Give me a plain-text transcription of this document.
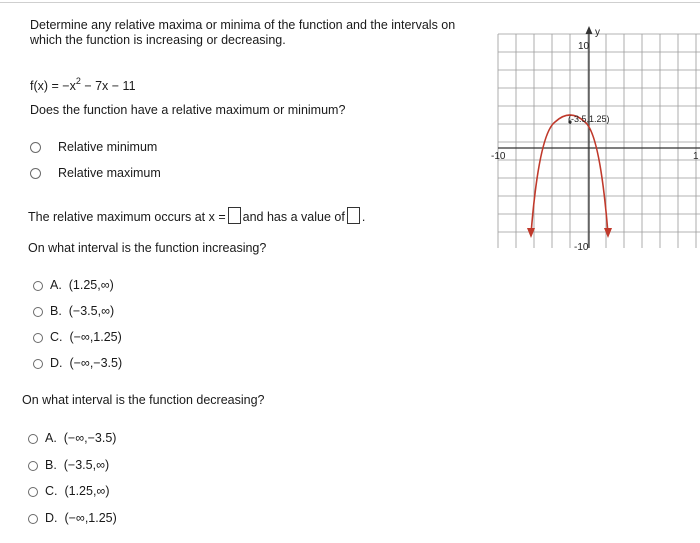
Determine any relative maxima or minima of the function and the intervals on which the function is increasing or decreasing.
$f(x) = -x^2 - 7x - 11$
Does the function have a relative maximum or minimum?
Relative minimum
Relative maximum
The relative maximum occurs at x = and has a value of .
On what interval is the function increasing?
A. (1.25,∞)
B. (−3.5,∞)
C. (−∞,1.25)
D. (−∞,−3.5)
On what interval is the function decreasing?
A. (−∞,−3.5)
B. (−3.5,∞)
C. (1.25,∞)
D. (−∞,1.25)
y
10
-10
-10	1
(-3.5,1.25)
